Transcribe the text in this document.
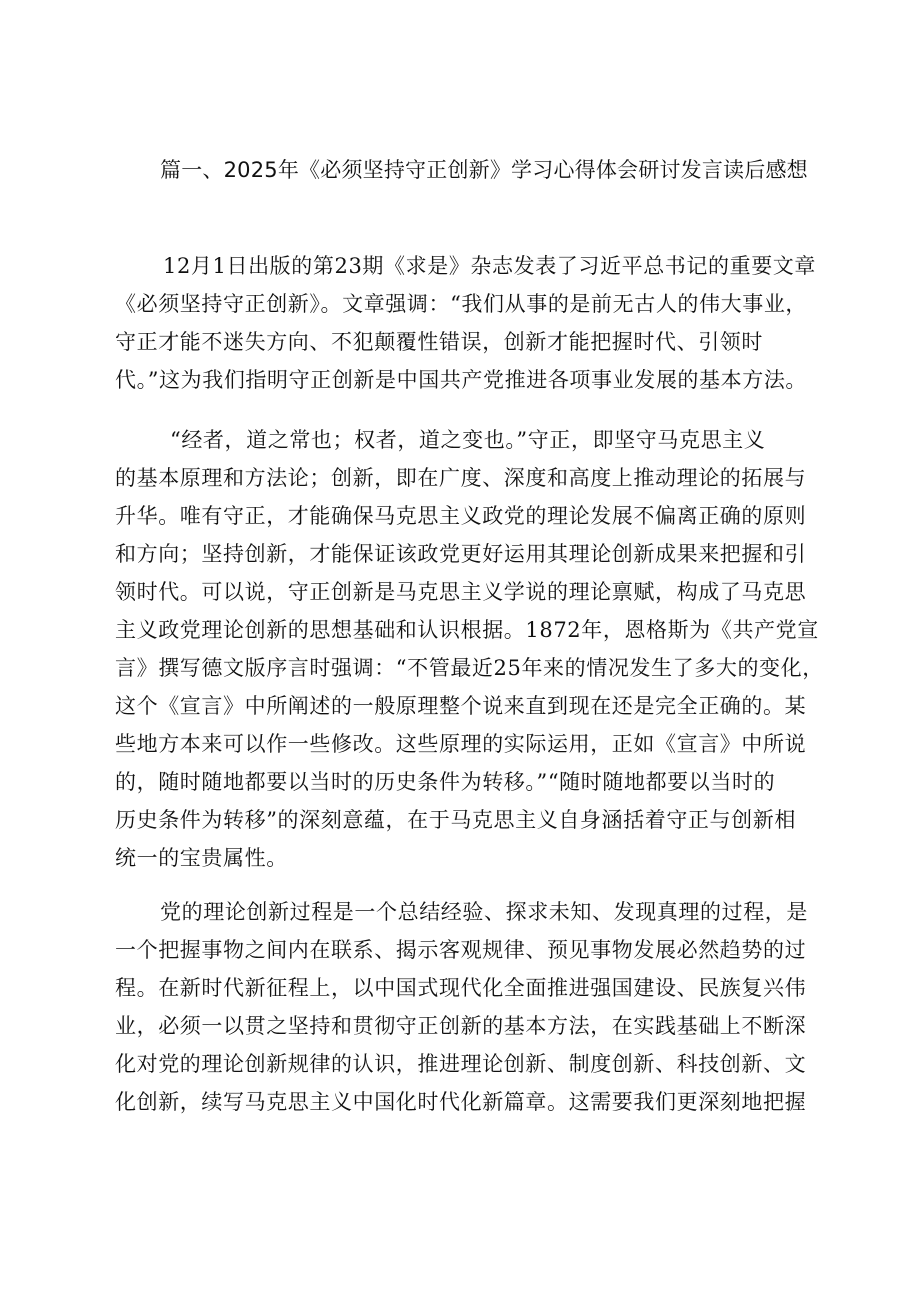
篇一、2025年《必须坚持守正创新》学习心得体会研讨发言读后感想
12月1日出版的第23期《求是》杂志发表了习近平总书记的重要文章
《必须坚持守正创新》。文章强调：“我们从事的是前无古人的伟大事业，
守正才能不迷失方向、不犯颠覆性错误，创新才能把握时代、引领时
代。”这为我们指明守正创新是中国共产党推进各项事业发展的基本方法。
“经者，道之常也；权者，道之变也。”守正，即坚守马克思主义
的基本原理和方法论；创新，即在广度、深度和高度上推动理论的拓展与
升华。唯有守正，才能确保马克思主义政党的理论发展不偏离正确的原则
和方向；坚持创新，才能保证该政党更好运用其理论创新成果来把握和引
领时代。可以说，守正创新是马克思主义学说的理论禀赋，构成了马克思
主义政党理论创新的思想基础和认识根据。1872年，恩格斯为《共产党宣
言》撰写德文版序言时强调：“不管最近25年来的情况发生了多大的变化，
这个《宣言》中所阐述的一般原理整个说来直到现在还是完全正确的。某
些地方本来可以作一些修改。这些原理的实际运用，正如《宣言》中所说
的，随时随地都要以当时的历史条件为转移。”“随时随地都要以当时的
历史条件为转移”的深刻意蕴，在于马克思主义自身涵括着守正与创新相
统一的宝贵属性。
党的理论创新过程是一个总结经验、探求未知、发现真理的过程，是
一个把握事物之间内在联系、揭示客观规律、预见事物发展必然趋势的过
程。在新时代新征程上，以中国式现代化全面推进强国建设、民族复兴伟
业，必须一以贯之坚持和贯彻守正创新的基本方法，在实践基础上不断深
化对党的理论创新规律的认识，推进理论创新、制度创新、科技创新、文
化创新，续写马克思主义中国化时代化新篇章。这需要我们更深刻地把握
